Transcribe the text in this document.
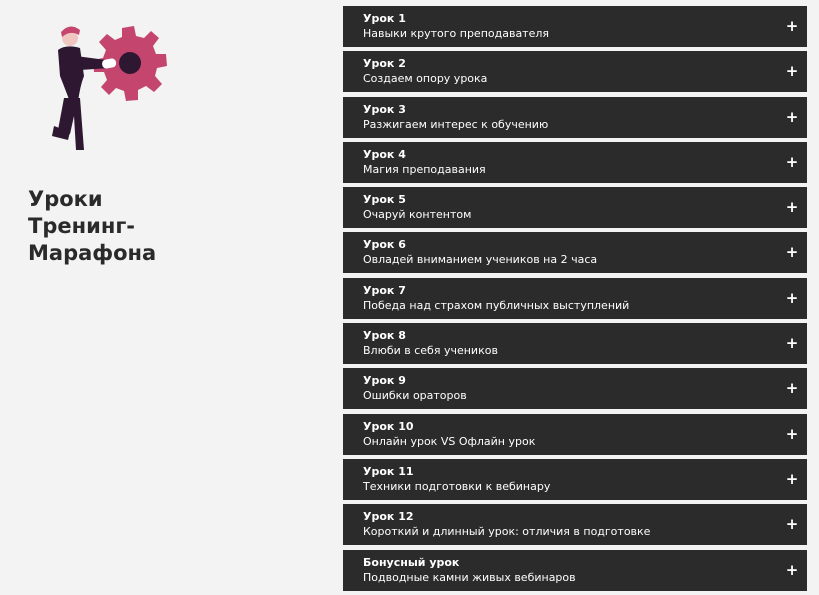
Уроки
Тренинг-
Марафона
Урок 1
Навыки крутого преподавателя	+
Урок 2
Создаем опору урока	+
Урок 3
Разжигаем интерес к обучению	+
Урок 4
Магия преподавания	+
Урок 5
Очаруй контентом	+
Урок 6
Овладей вниманием учеников на 2 часа	+
Урок 7
Победа над страхом публичных выступлений	+
Урок 8
Влюби в себя учеников	+
Урок 9
Ошибки ораторов	+
Урок 10
Онлайн урок VS Офлайн урок	+
Урок 11
Техники подготовки к вебинару	+
Урок 12
Короткий и длинный урок: отличия в подготовке	+
Бонусный урок
Подводные камни живых вебинаров	+
